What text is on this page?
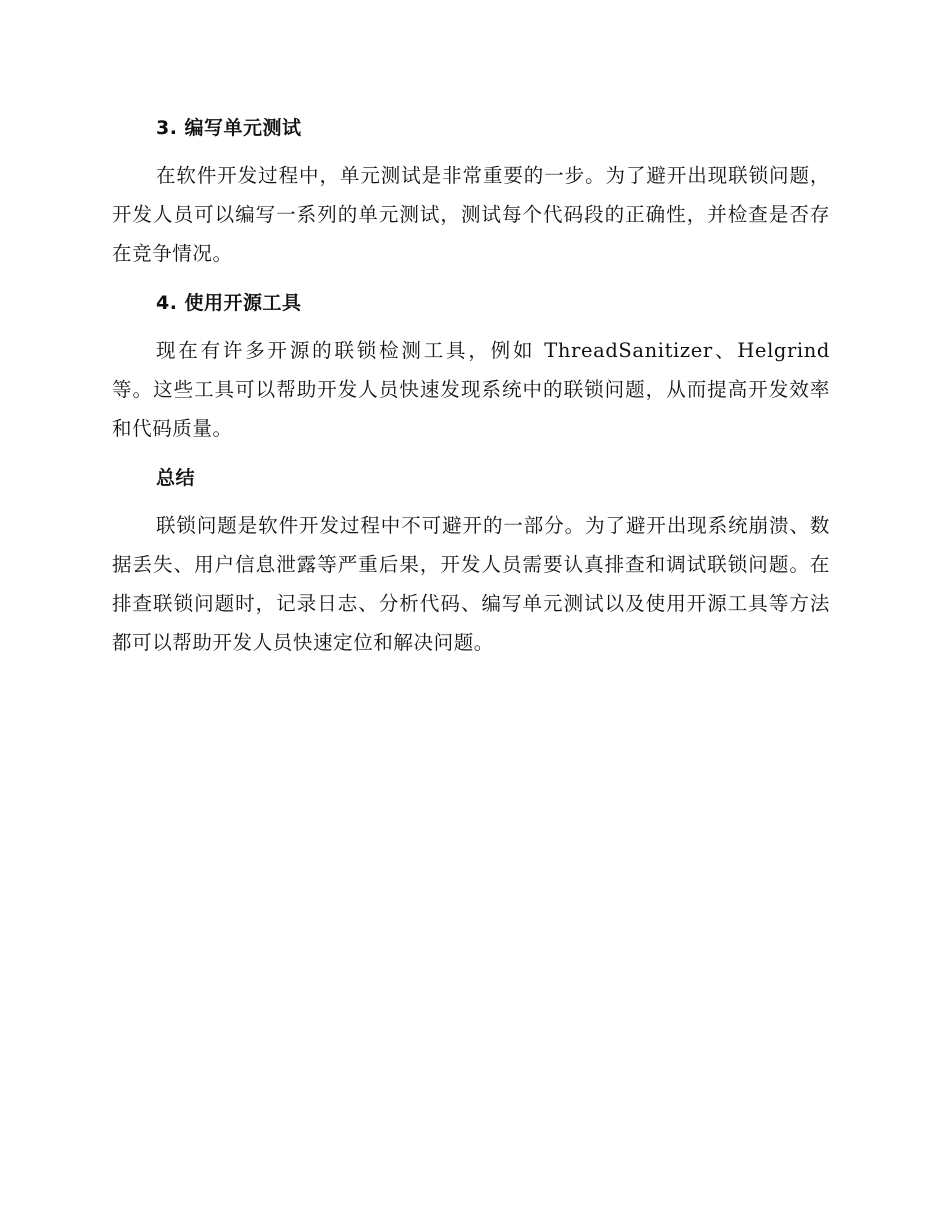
3. 编写单元测试

在软件开发过程中，单元测试是非常重要的一步。为了避开出现联锁问题，开发人员可以编写一系列的单元测试，测试每个代码段的正确性，并检查是否存在竞争情况。

4. 使用开源工具

现在有许多开源的联锁检测工具，例如 ThreadSanitizer、Helgrind 等。这些工具可以帮助开发人员快速发现系统中的联锁问题，从而提高开发效率和代码质量。

总结

联锁问题是软件开发过程中不可避开的一部分。为了避开出现系统崩溃、数据丢失、用户信息泄露等严重后果，开发人员需要认真排查和调试联锁问题。在排查联锁问题时，记录日志、分析代码、编写单元测试以及使用开源工具等方法都可以帮助开发人员快速定位和解决问题。
